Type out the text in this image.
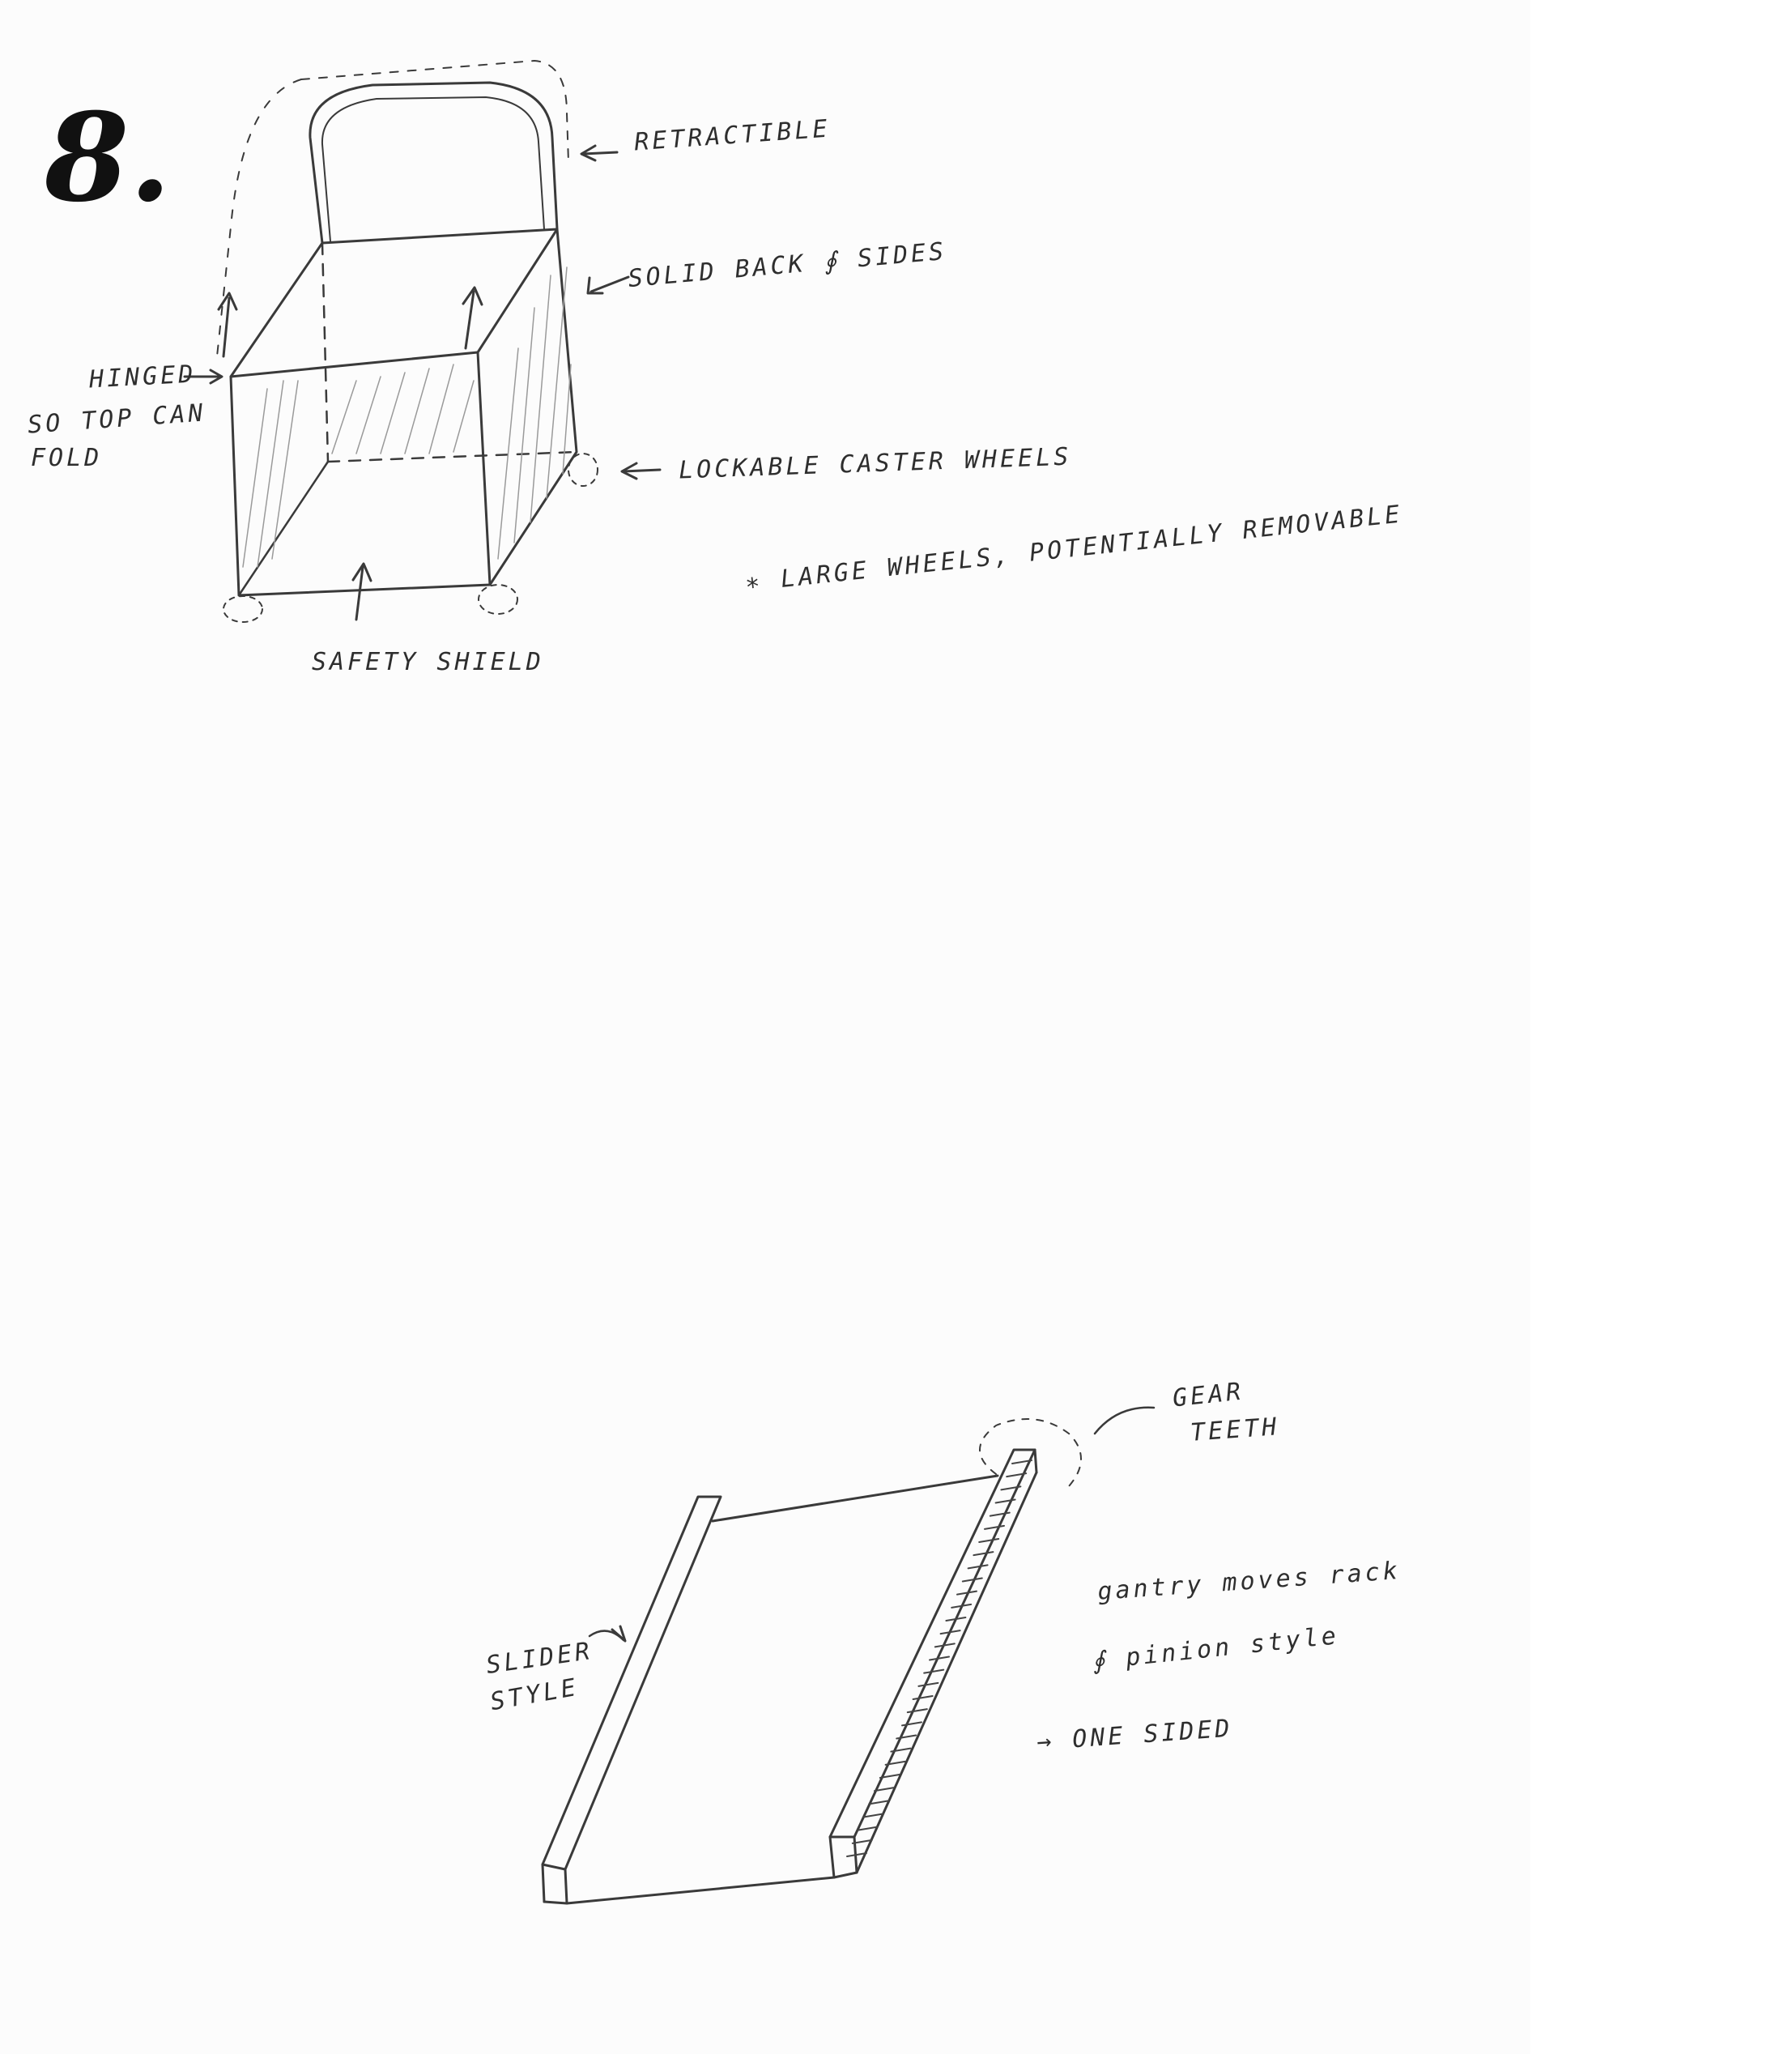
8.	RETRACTIBLE
SOLID BACK ∮ SIDES
HINGED
SO TOP CAN
FOLD	LOCKABLE CASTER WHEELS
∗ LARGE WHEELS, POTENTIALLY REMOVABLE
SAFETY SHIELD
GEAR
TEETH
gantry moves rack
∮ pinion style
→ ONE SIDED
SLIDER
STYLE
